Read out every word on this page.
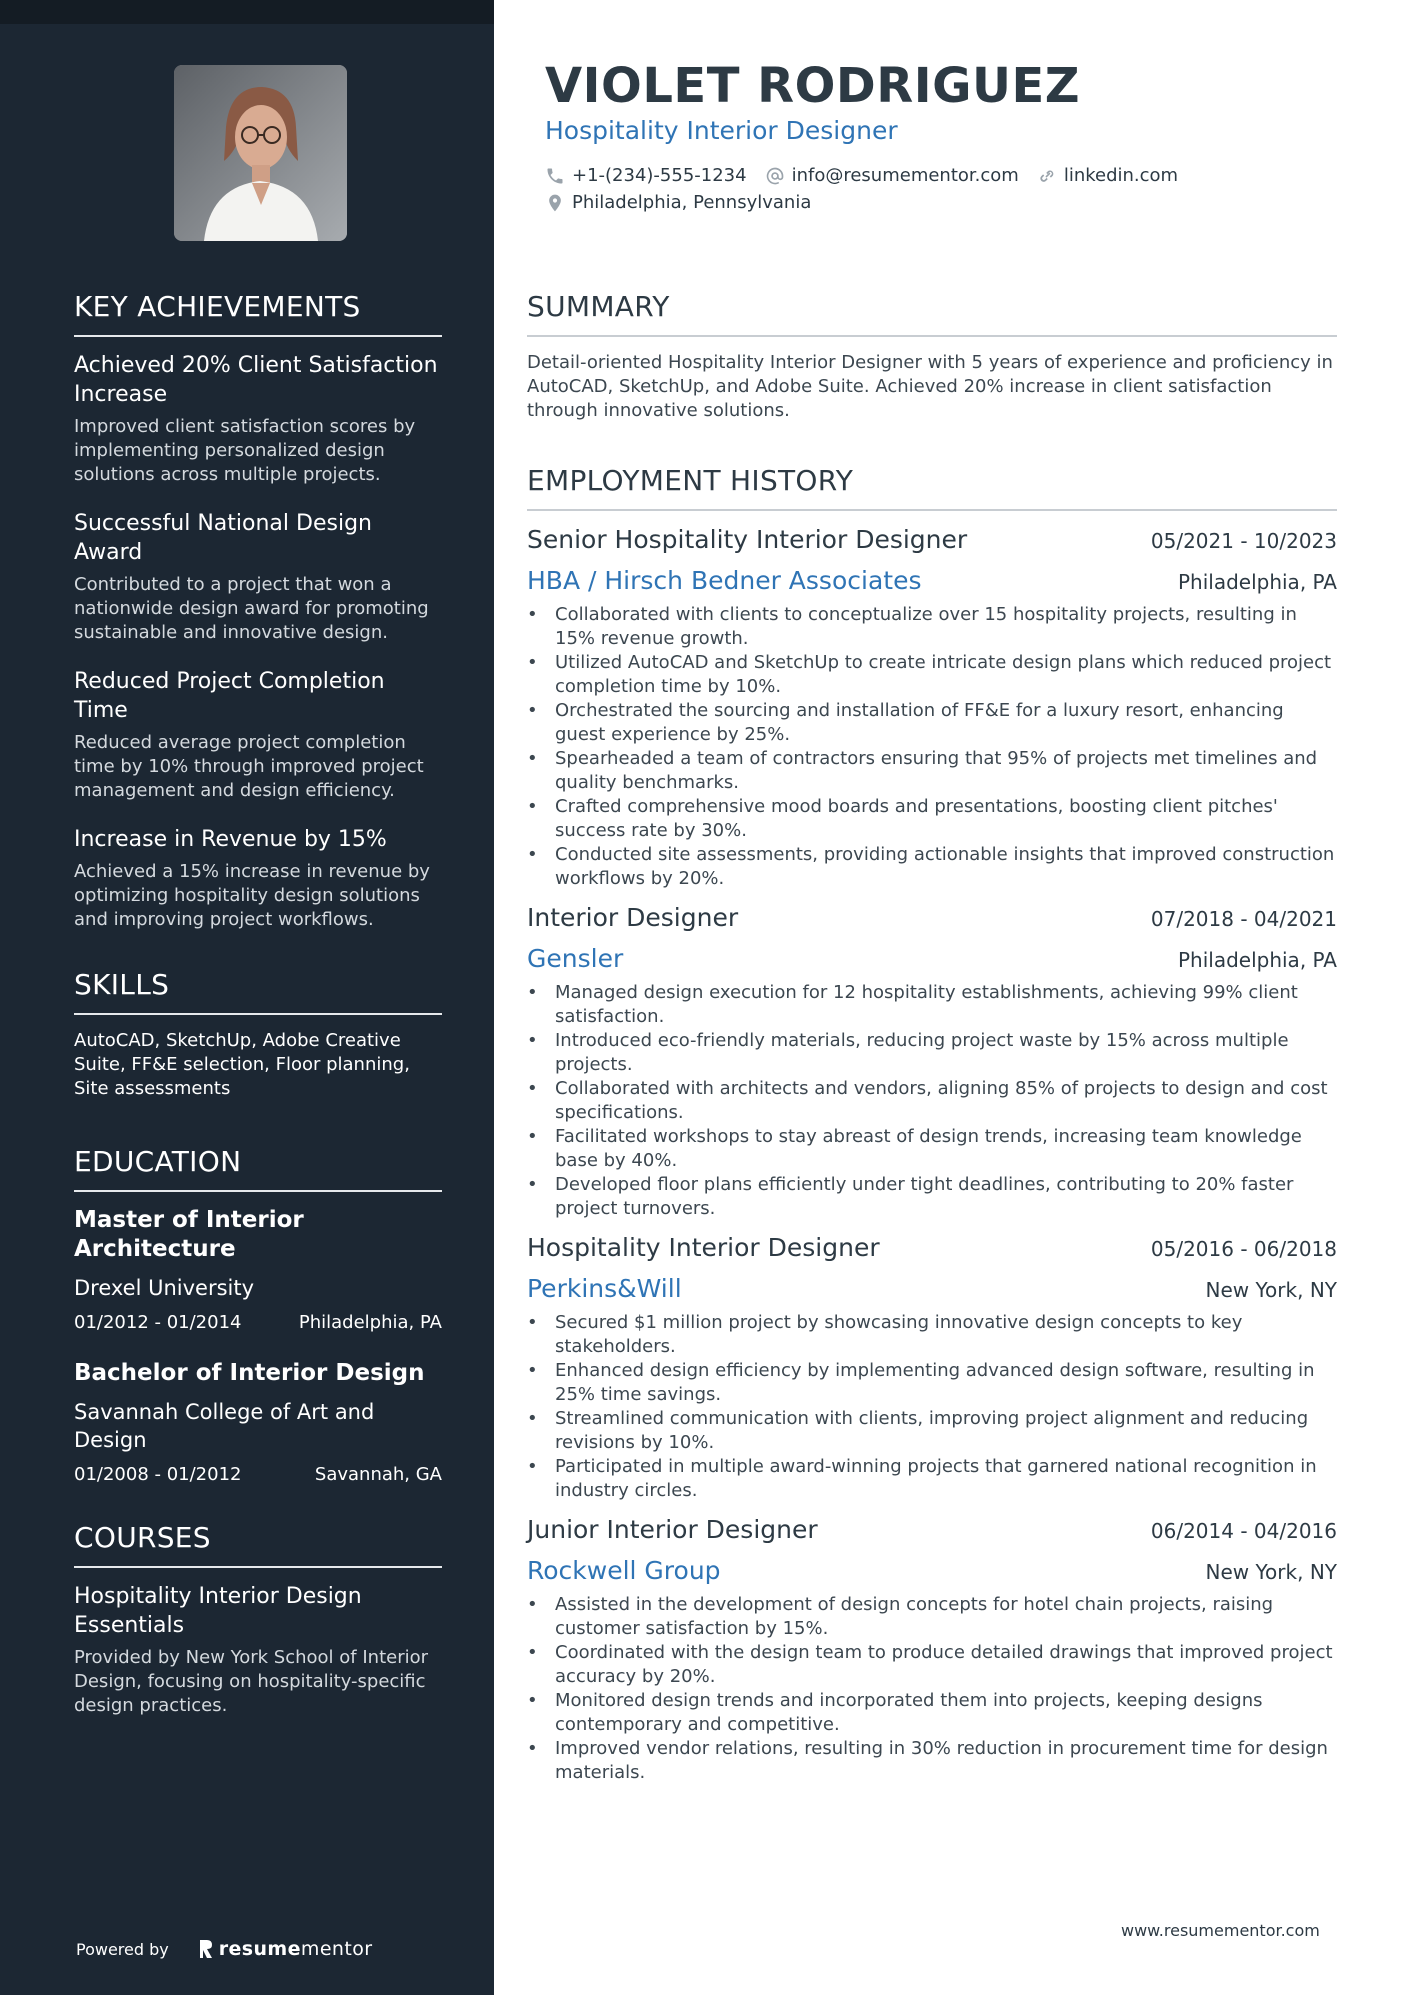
KEY ACHIEVEMENTS
Achieved 20% Client Satisfaction Increase
Improved client satisfaction scores by implementing personalized design solutions across multiple projects.
Successful National Design Award
Contributed to a project that won a nationwide design award for promoting sustainable and innovative design.
Reduced Project Completion Time
Reduced average project completion time by 10% through improved project management and design efficiency.
Increase in Revenue by 15%
Achieved a 15% increase in revenue by optimizing hospitality design solutions and improving project workflows.
SKILLS
AutoCAD, SketchUp, Adobe Creative Suite, FF&E selection, Floor planning, Site assessments
EDUCATION
Master of Interior Architecture
Drexel University
01/2012 - 01/2014	Philadelphia, PA
Bachelor of Interior Design
Savannah College of Art and Design
01/2008 - 01/2012	Savannah, GA
COURSES
Hospitality Interior Design Essentials
Provided by New York School of Interior Design, focusing on hospitality-specific design practices.
Powered by	resume mentor
VIOLET RODRIGUEZ
Hospitality Interior Designer
+1-(234)-555-1234	info@resumementor.com	linkedin.com
Philadelphia, Pennsylvania
SUMMARY
Detail-oriented Hospitality Interior Designer with 5 years of experience and proficiency in AutoCAD, SketchUp, and Adobe Suite. Achieved 20% increase in client satisfaction through innovative solutions.
EMPLOYMENT HISTORY
Senior Hospitality Interior Designer	05/2021 - 10/2023
HBA / Hirsch Bedner Associates	Philadelphia, PA
• Collaborated with clients to conceptualize over 15 hospitality projects, resulting in 15% revenue growth.
• Utilized AutoCAD and SketchUp to create intricate design plans which reduced project completion time by 10%.
• Orchestrated the sourcing and installation of FF&E for a luxury resort, enhancing guest experience by 25%.
• Spearheaded a team of contractors ensuring that 95% of projects met timelines and quality benchmarks.
• Crafted comprehensive mood boards and presentations, boosting client pitches' success rate by 30%.
• Conducted site assessments, providing actionable insights that improved construction workflows by 20%.
Interior Designer	07/2018 - 04/2021
Gensler	Philadelphia, PA
• Managed design execution for 12 hospitality establishments, achieving 99% client satisfaction.
• Introduced eco-friendly materials, reducing project waste by 15% across multiple projects.
• Collaborated with architects and vendors, aligning 85% of projects to design and cost specifications.
• Facilitated workshops to stay abreast of design trends, increasing team knowledge base by 40%.
• Developed floor plans efficiently under tight deadlines, contributing to 20% faster project turnovers.
Hospitality Interior Designer	05/2016 - 06/2018
Perkins&Will	New York, NY
• Secured $1 million project by showcasing innovative design concepts to key stakeholders.
• Enhanced design efficiency by implementing advanced design software, resulting in 25% time savings.
• Streamlined communication with clients, improving project alignment and reducing revisions by 10%.
• Participated in multiple award-winning projects that garnered national recognition in industry circles.
Junior Interior Designer	06/2014 - 04/2016
Rockwell Group	New York, NY
• Assisted in the development of design concepts for hotel chain projects, raising customer satisfaction by 15%.
• Coordinated with the design team to produce detailed drawings that improved project accuracy by 20%.
• Monitored design trends and incorporated them into projects, keeping designs contemporary and competitive.
• Improved vendor relations, resulting in 30% reduction in procurement time for design materials.
www.resumementor.com
